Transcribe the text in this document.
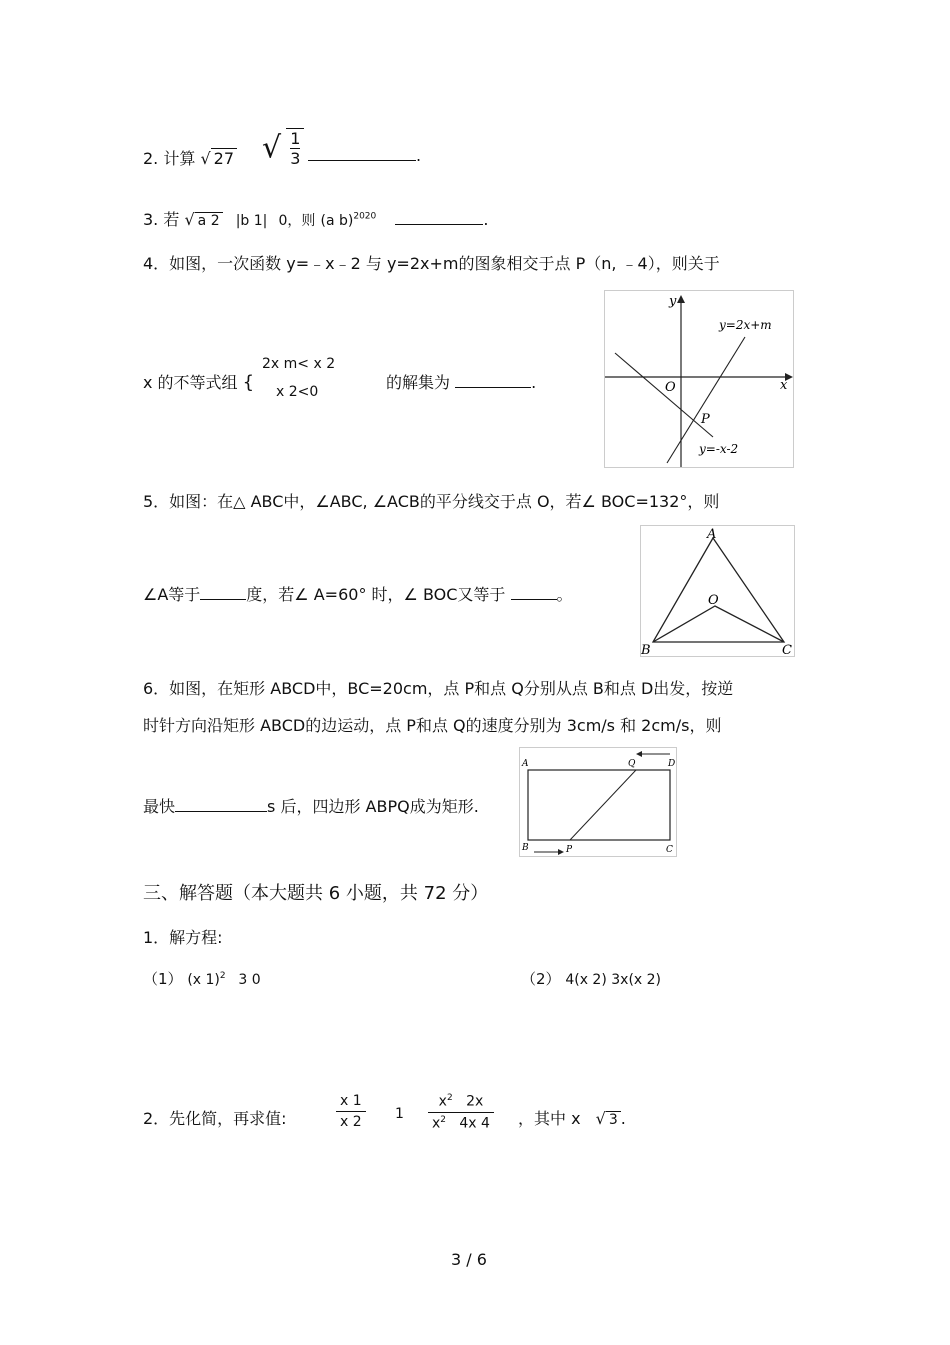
2. 计算 √ 27 √ $\frac{1}{3}$	.
3. 若 √ a 2 |b 1| 0，则 (a b)$^{2020}$	.
4．如图，一次函数 y=﹣x﹣2 与 y=2x+m的图象相交于点 P（n, ﹣4），则关于
x 的不等式组 {
2x m< x 2
x 2<0	的解集为	.
y
x
O
P
y=2x+m
y=-x-2
5．如图：在△ ABC中，∠ABC, ∠ACB的平分线交于点 O，若∠ BOC=132°，则
∠A等于	度，若∠ A=60° 时，∠ BOC又等于	。
A
B	C
O
6．如图，在矩形 ABCD中，BC=20cm，点 P和点 Q分别从点 B和点 D出发，按逆
时针方向沿矩形 ABCD的边运动，点 P和点 Q的速度分别为 3cm/s 和 2cm/s，则
最快	s 后，四边形 ABPQ成为矩形.
A
B	C
D
Q
P
三、解答题（本大题共 6 小题，共 72 分）
1．解方程:
（1） (x 1)$^2$ 3 0	（2） 4(x 2) 3x(x 2)
2．先化简，再求值:	$\frac{x 1}{x 2} 1 \frac{x^2 2x}{x^2 4x 4}$ ，其中 x √ 3 .
3 / 6
